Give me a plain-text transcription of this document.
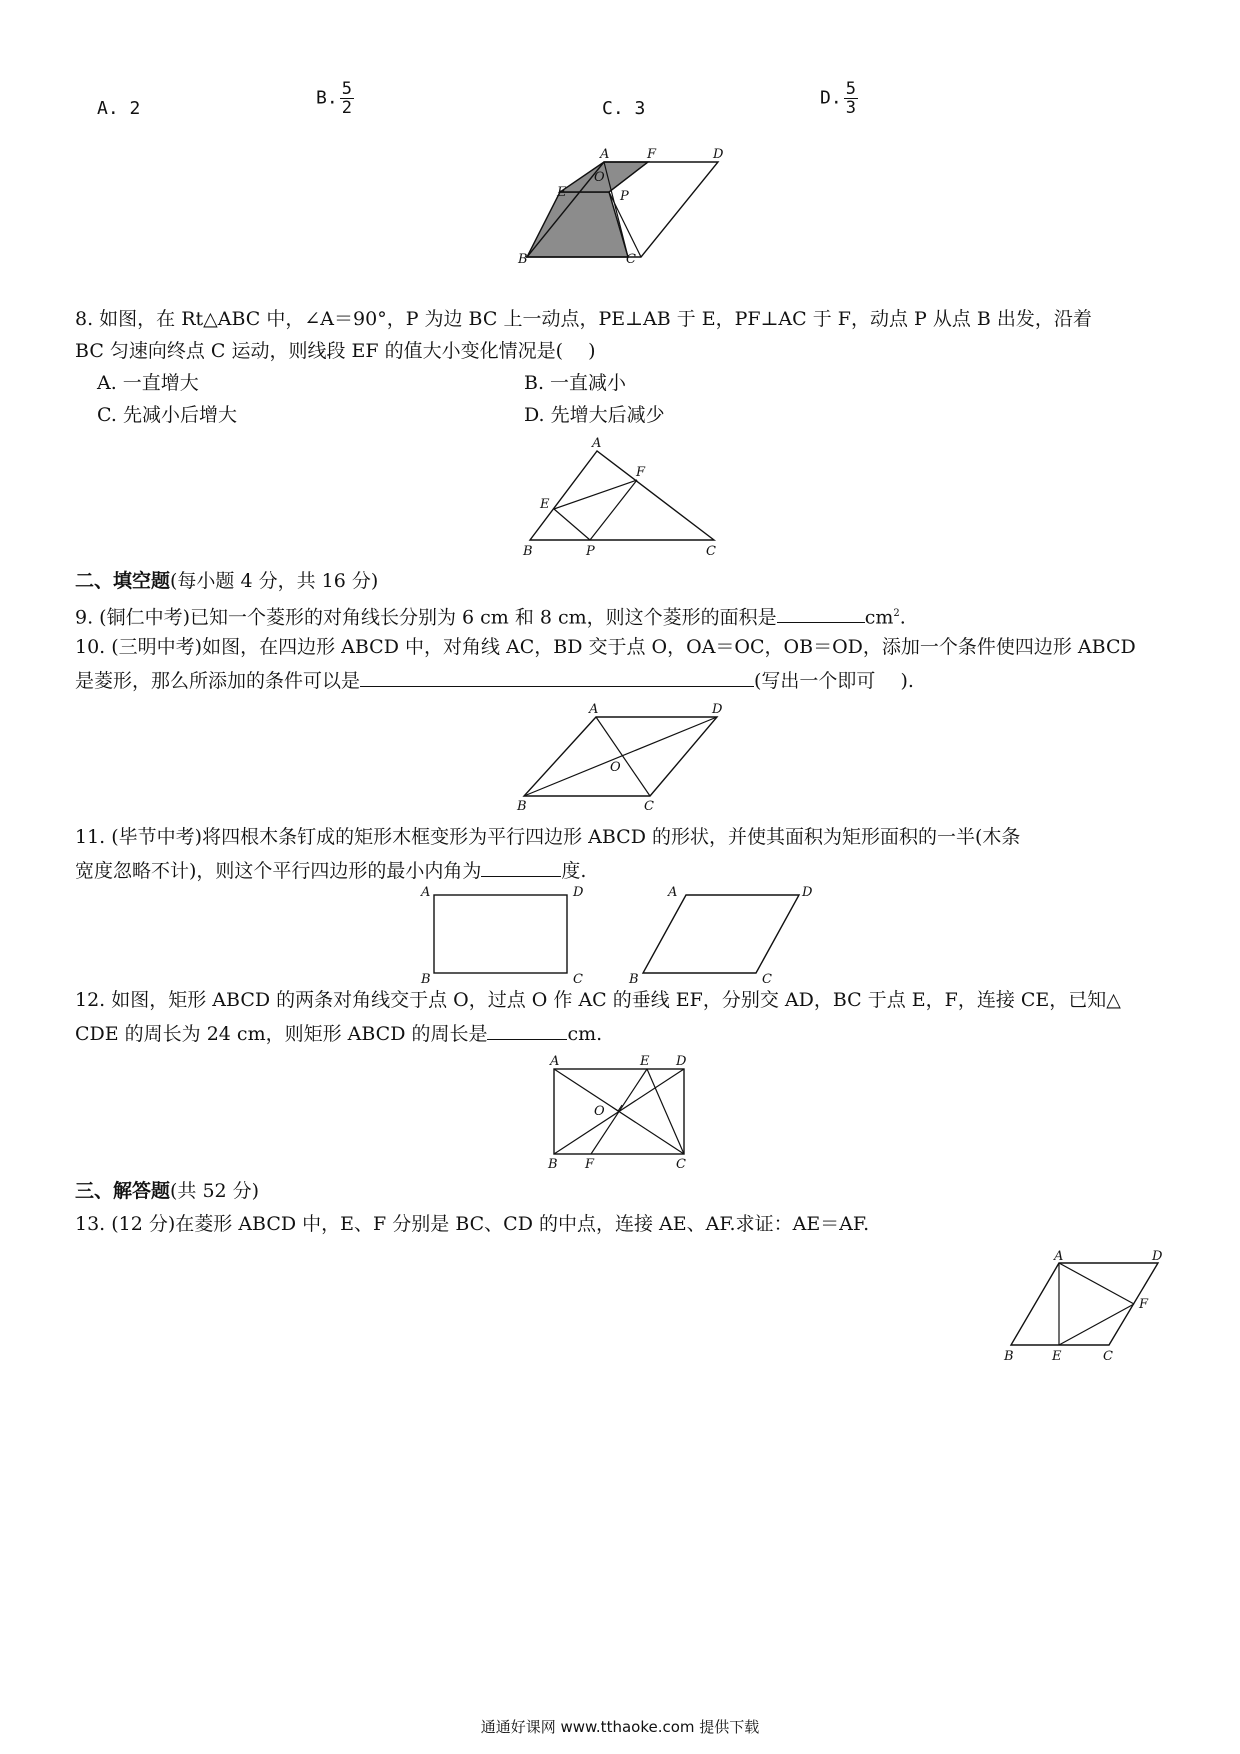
A. 2	B. $\frac{5}{2}$	C. 3	D. $\frac{5}{3}$
A	F	D
O
E	P
B	C
8. 如图，在 Rt△ABC 中，∠A＝90°，P 为边 BC 上一动点，PE⊥AB 于 E，PF⊥AC 于 F，动点 P 从点 B 出发，沿着
BC 匀速向终点 C 运动，则线段 EF 的值大小变化情况是(　 )
A. 一直增大	B. 一直减小
C. 先减小后增大	D. 先增大后减少
A
F
E
B	P	C
二、填空题(每小题 4 分，共 16 分)
9. (铜仁中考)已知一个菱形的对角线长分别为 6 cm 和 8 cm，则这个菱形的面积是	$cm^2$.
10. (三明中考)如图，在四边形 ABCD 中，对角线 AC，BD 交于点 O，OA＝OC，OB＝OD，添加一个条件使四边形 ABCD
是菱形，那么所添加的条件可以是	(写出一个即可　 ).
A	D
O
B	C
11. (毕节中考)将四根木条钉成的矩形木框变形为平行四边形 ABCD 的形状，并使其面积为矩形面积的一半(木条
宽度忽略不计)，则这个平行四边形的最小内角为	度.
A	D
B	C
A	D
B	C
12. 如图，矩形 ABCD 的两条对角线交于点 O，过点 O 作 AC 的垂线 EF，分别交 AD，BC 于点 E，F，连接 CE，已知△
CDE 的周长为 24 cm，则矩形 ABCD 的周长是	cm.
A	E D
O
B F	C
三、解答题(共 52 分)
13. (12 分)在菱形 ABCD 中，E、F 分别是 BC、CD 的中点，连接 AE、AF.求证：AE＝AF.
A	D
F
B	E	C
通通好课网 www.tthaoke.com 提供下载
